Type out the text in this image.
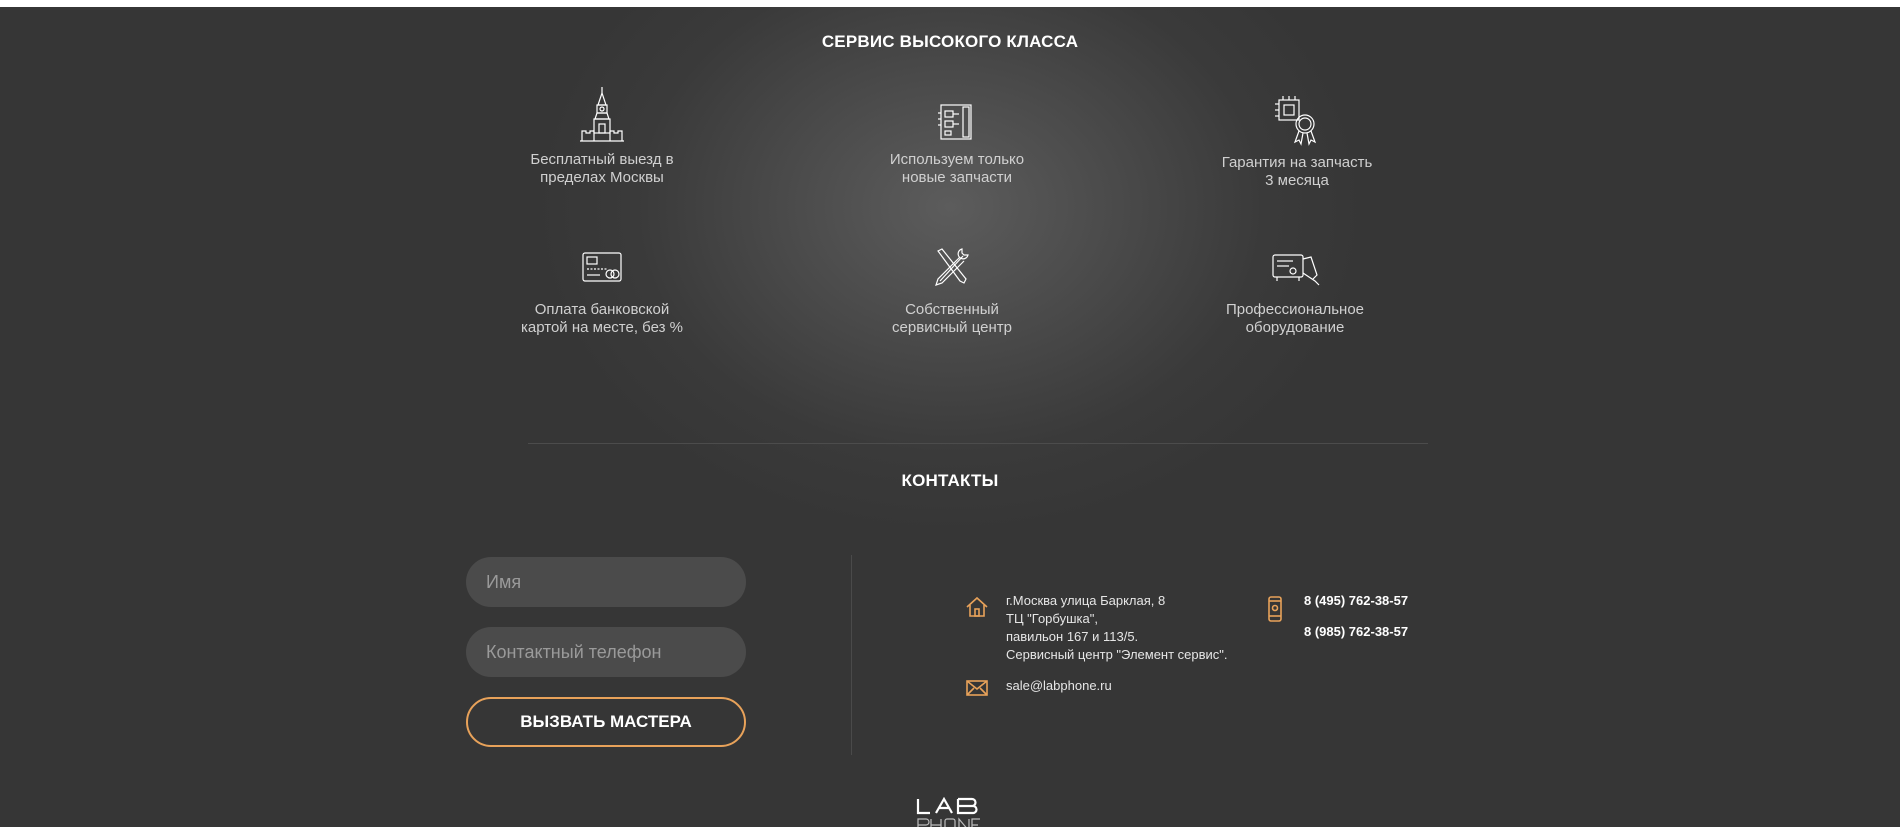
СЕРВИС ВЫСОКОГО КЛАССА
Бесплатный выезд в
пределах Москвы
Используем только
новые запчасти
Гарантия на запчасть
3 месяца
Оплата банковской
картой на месте, без %
Собственный
сервисный центр
Профессиональное
оборудование
КОНТАКТЫ
Имя
Контактный телефон
ВЫЗВАТЬ МАСТЕРА
г.Москва улица Барклая, 8
ТЦ "Горбушка",
павильон 167 и 113/5.
Сервисный центр "Элемент сервис".
sale@labphone.ru
8 (495) 762-38-57
8 (985) 762-38-57
